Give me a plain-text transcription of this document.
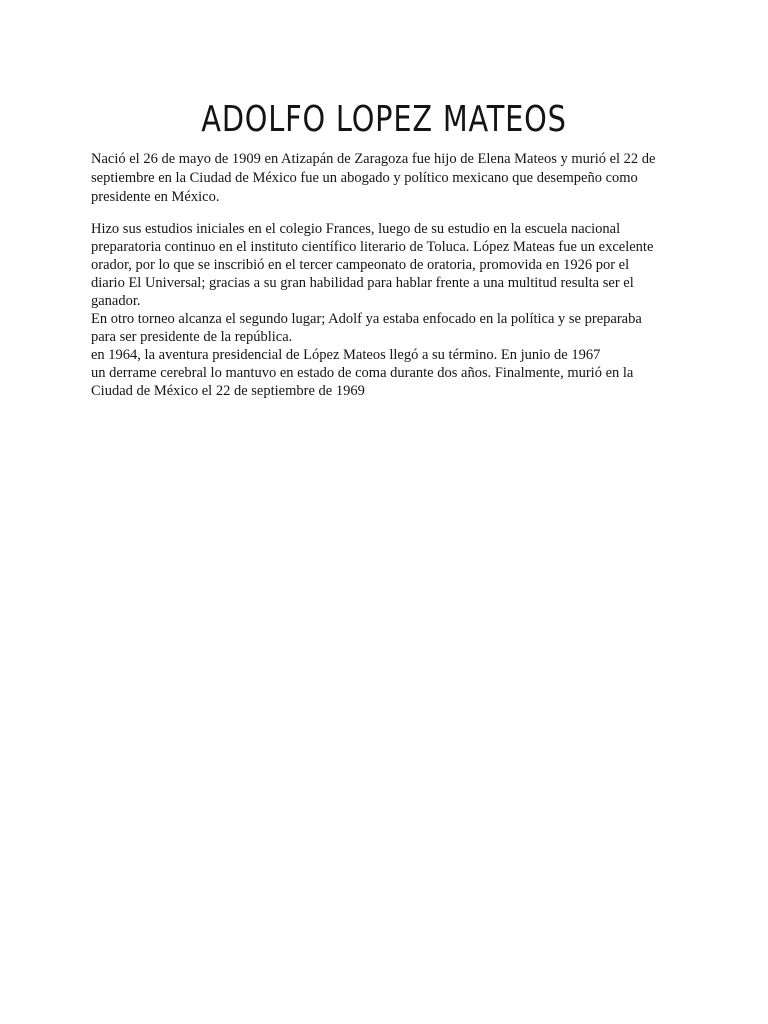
ADOLFO LOPEZ MATEOS
Nació el 26 de mayo de 1909 en Atizapán de Zaragoza fue hijo de Elena Mateos y murió el 22 de
septiembre en la Ciudad de México fue un abogado y político mexicano que desempeño como
presidente en México.
Hizo sus estudios iniciales en el colegio Frances, luego de su estudio en la escuela nacional
preparatoria continuo en el instituto científico literario de Toluca. López Mateas fue un excelente
orador, por lo que se inscribió en el tercer campeonato de oratoria, promovida en 1926 por el
diario El Universal; gracias a su gran habilidad para hablar frente a una multitud resulta ser el
ganador.
En otro torneo alcanza el segundo lugar; Adolf ya estaba enfocado en la política y se preparaba
para ser presidente de la república.
en 1964, la aventura presidencial de López Mateos llegó a su término. En junio de 1967
un derrame cerebral lo mantuvo en estado de coma durante dos años. Finalmente, murió en la
Ciudad de México el 22 de septiembre de 1969
